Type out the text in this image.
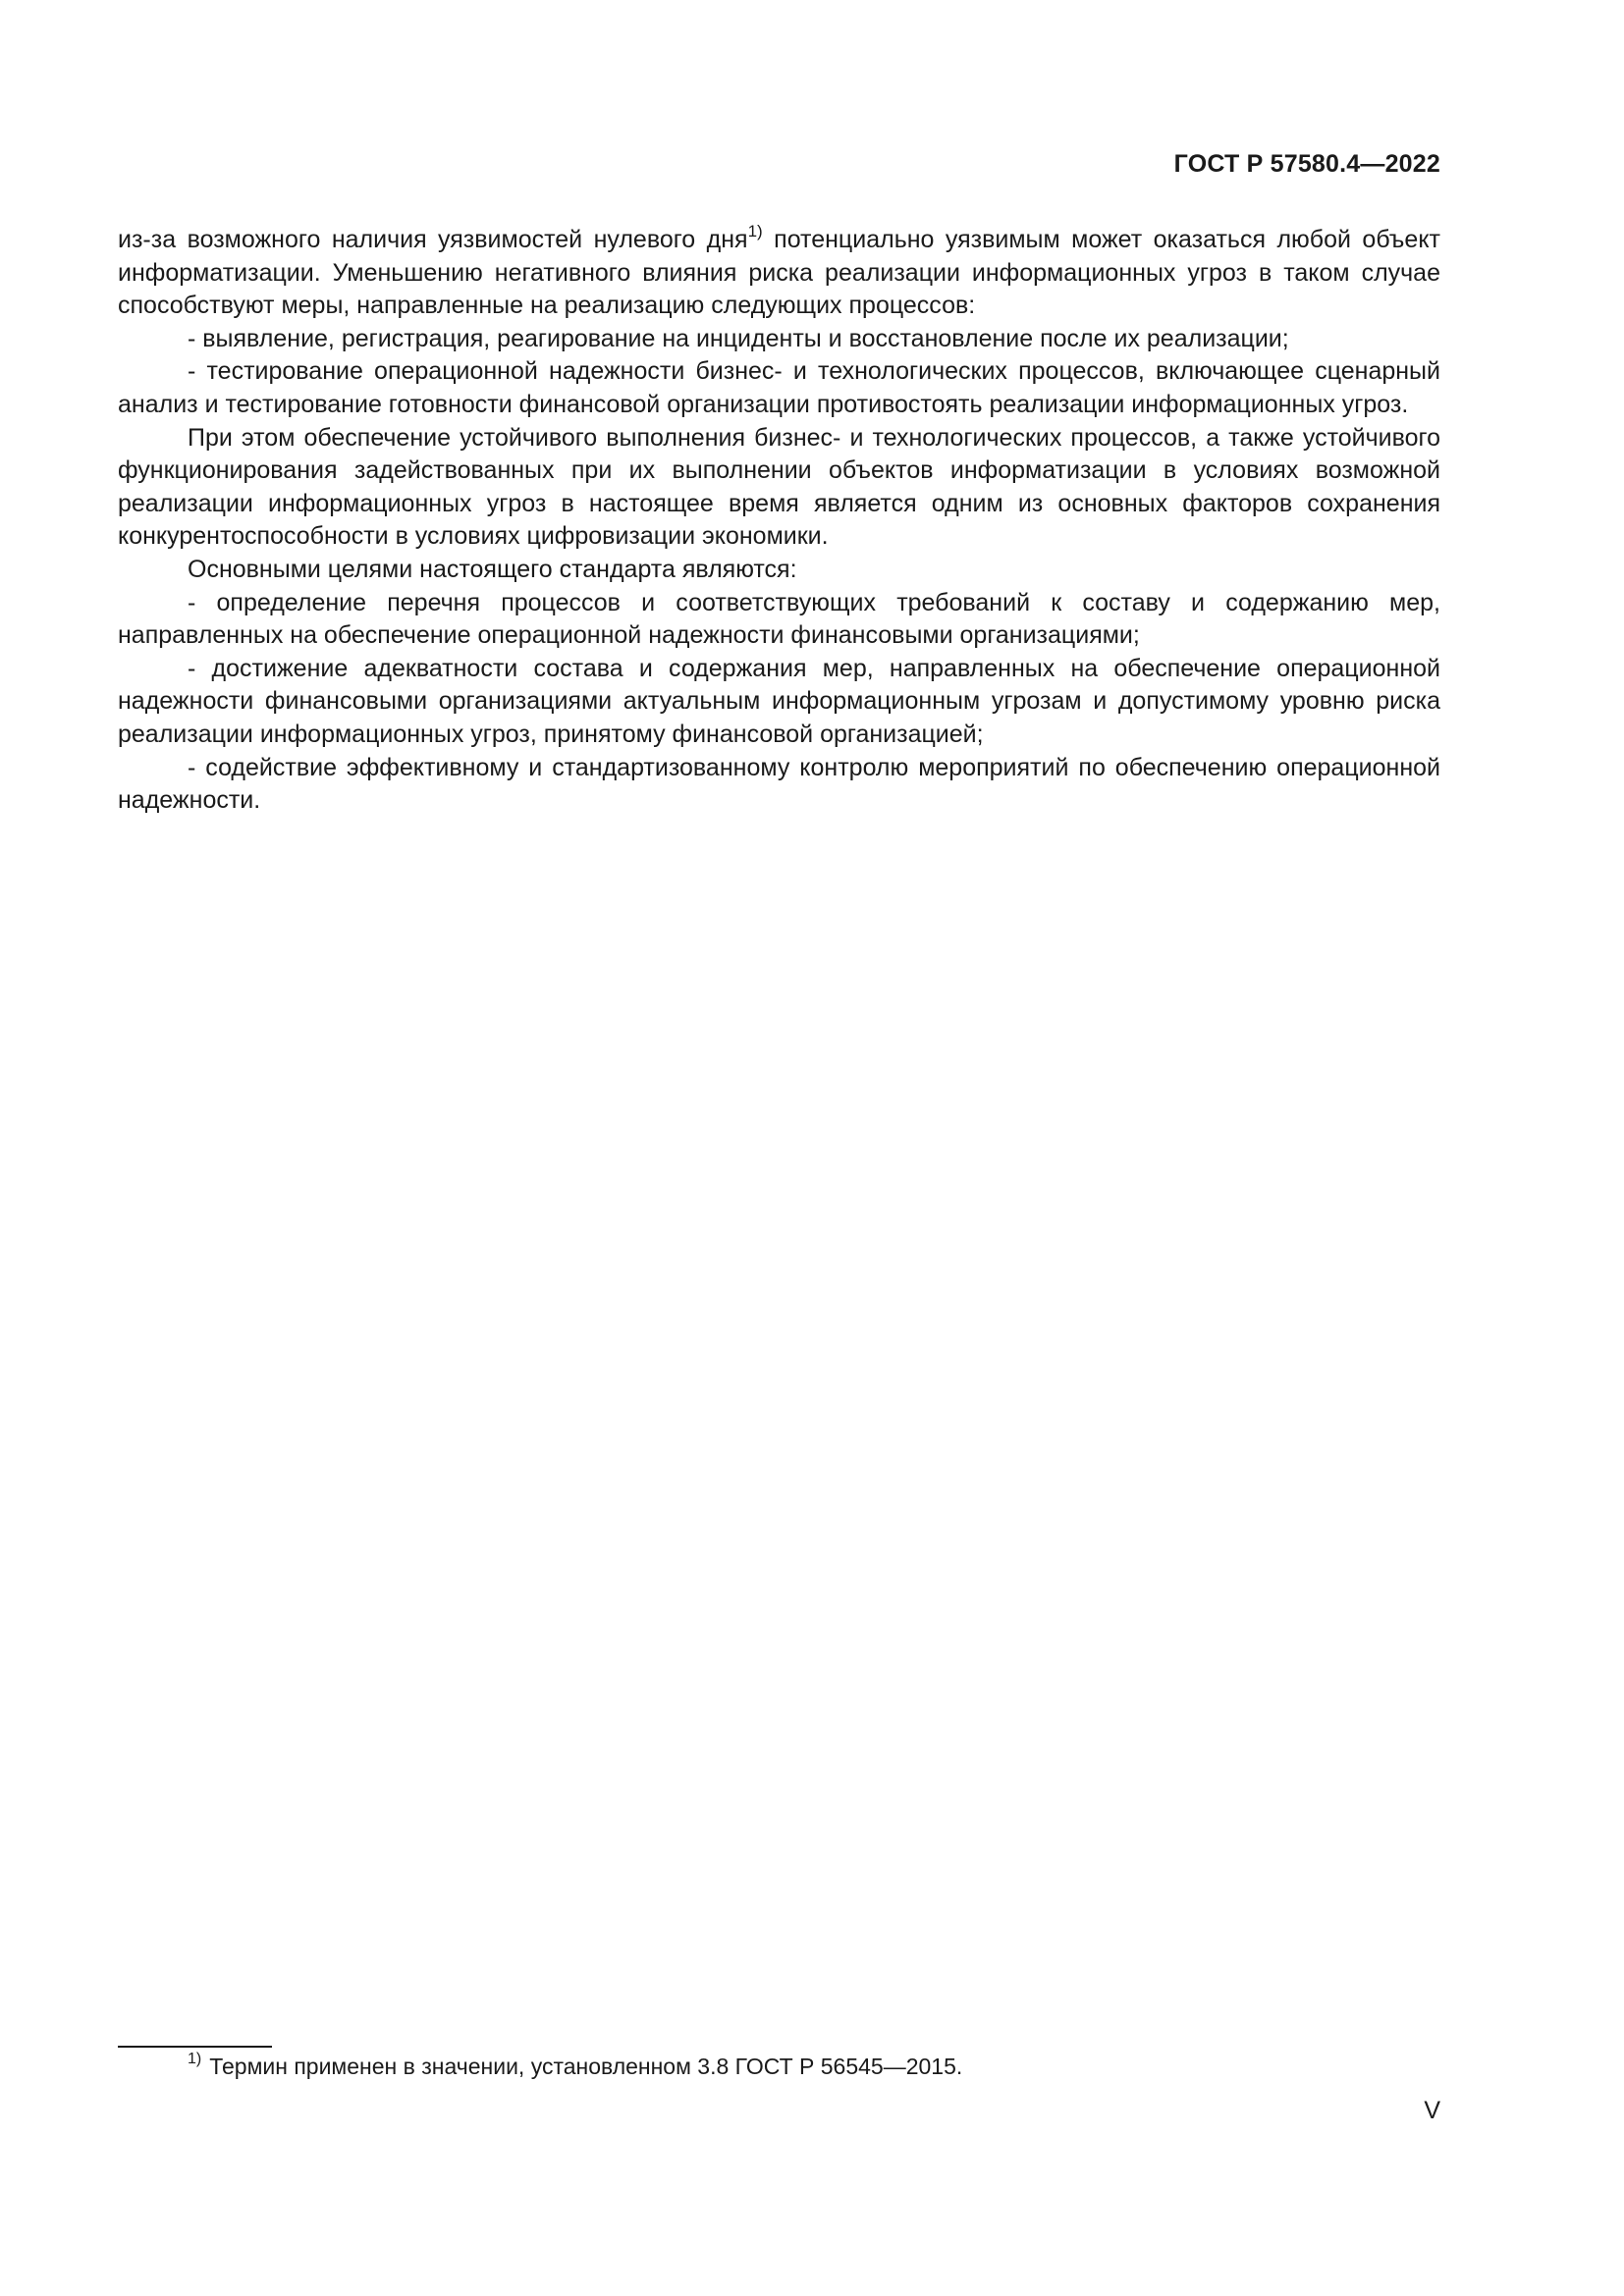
ГОСТ Р 57580.4—2022

из-за возможного наличия уязвимостей нулевого дня$^{1)}$ потенциально уязвимым может оказаться любой объект информатизации. Уменьшению негативного влияния риска реализации информационных угроз в таком случае способствуют меры, направленные на реализацию следующих процессов:

- выявление, регистрация, реагирование на инциденты и восстановление после их реализации;

- тестирование операционной надежности бизнес- и технологических процессов, включающее сценарный анализ и тестирование готовности финансовой организации противостоять реализации информационных угроз.

При этом обеспечение устойчивого выполнения бизнес- и технологических процессов, а также устойчивого функционирования задействованных при их выполнении объектов информатизации в условиях возможной реализации информационных угроз в настоящее время является одним из основных факторов сохранения конкурентоспособности в условиях цифровизации экономики.

Основными целями настоящего стандарта являются:

- определение перечня процессов и соответствующих требований к составу и содержанию мер, направленных на обеспечение операционной надежности финансовыми организациями;

- достижение адекватности состава и содержания мер, направленных на обеспечение операционной надежности финансовыми организациями актуальным информационным угрозам и допустимому уровню риска реализации информационных угроз, принятому финансовой организацией;

- содействие эффективному и стандартизованному контролю мероприятий по обеспечению операционной надежности.

$^{1)}$ Термин применен в значении, установленном 3.8 ГОСТ Р 56545—2015.
V
